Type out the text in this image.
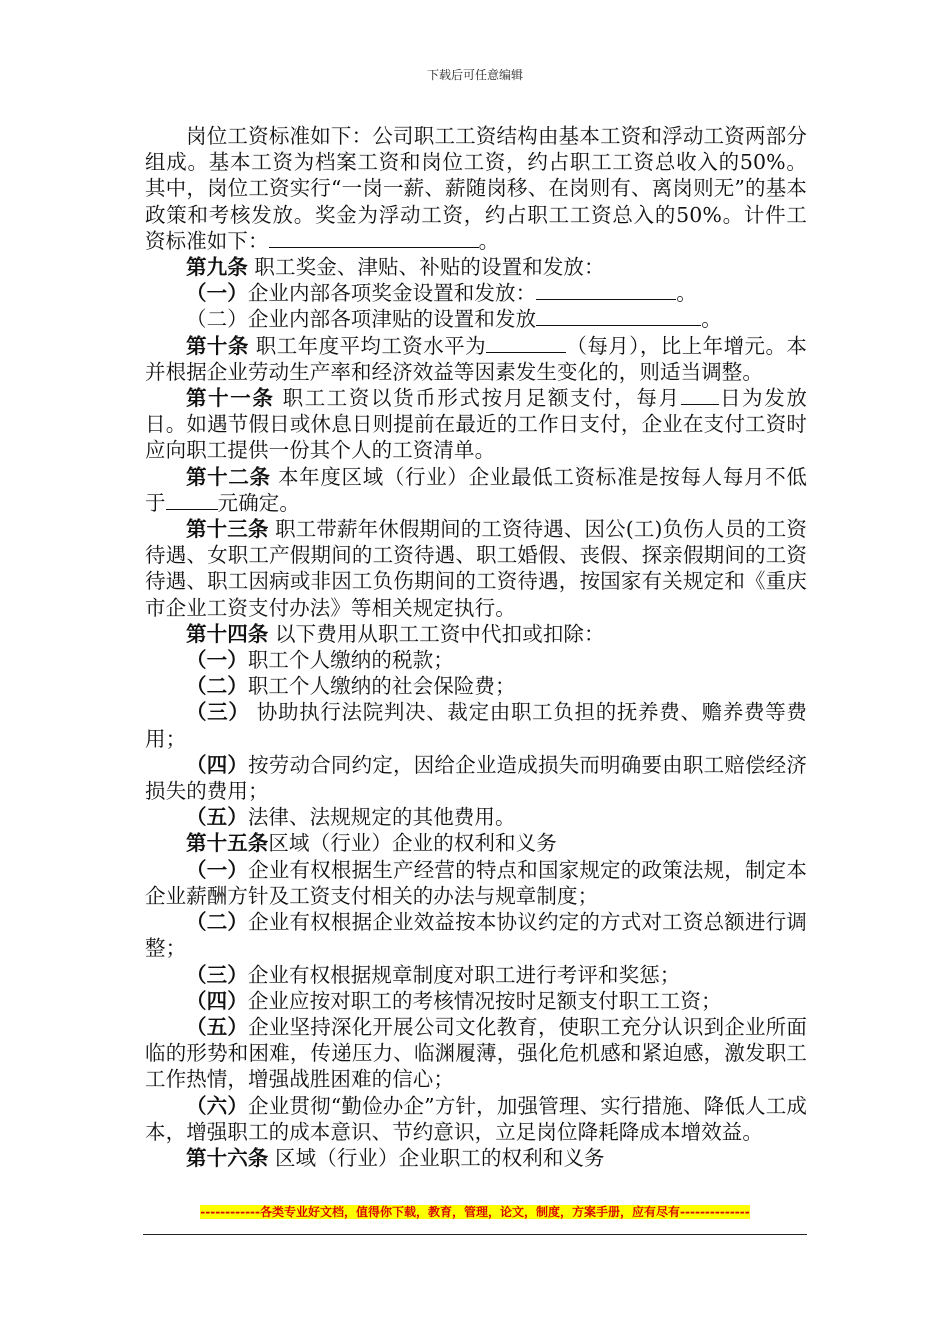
下载后可任意编辑

岗位工资标准如下：公司职工工资结构由基本工资和浮动工资两部分组成。基本工资为档案工资和岗位工资，约占职工工资总收入的50%。其中，岗位工资实行“一岗一薪、薪随岗移、在岗则有、离岗则无”的基本政策和考核发放。奖金为浮动工资，约占职工工资总入的50%。计件工资标准如下：	。

第九条 职工奖金、津贴、补贴的设置和发放：

（一）企业内部各项奖金设置和发放：	。

（二）企业内部各项津贴的设置和发放	。

第十条 职工年度平均工资水平为	（每月），比上年增元。本并根据企业劳动生产率和经济效益等因素发生变化的，则适当调整。

第十一条 职工工资以货币形式按月足额支付，每月 日为发放日。如遇节假日或休息日则提前在最近的工作日支付，企业在支付工资时应向职工提供一份其个人的工资清单。

第十二条 本年度区域（行业）企业最低工资标准是按每人每月不低于	元确定。

第十三条 职工带薪年休假期间的工资待遇、因公(工)负伤人员的工资待遇、女职工产假期间的工资待遇、职工婚假、丧假、探亲假期间的工资待遇、职工因病或非因工负伤期间的工资待遇，按国家有关规定和《重庆市企业工资支付办法》等相关规定执行。

第十四条 以下费用从职工工资中代扣或扣除：

（一）职工个人缴纳的税款；

（二）职工个人缴纳的社会保险费；

（三） 协助执行法院判决、裁定由职工负担的抚养费、赡养费等费用；

（四）按劳动合同约定，因给企业造成损失而明确要由职工赔偿经济损失的费用；

（五）法律、法规规定的其他费用。

第十五条区域（行业）企业的权利和义务

（一）企业有权根据生产经营的特点和国家规定的政策法规，制定本企业薪酬方针及工资支付相关的办法与规章制度；

（二）企业有权根据企业效益按本协议约定的方式对工资总额进行调整；

（三）企业有权根据规章制度对职工进行考评和奖惩；

（四）企业应按对职工的考核情况按时足额支付职工工资；

（五）企业坚持深化开展公司文化教育，使职工充分认识到企业所面临的形势和困难，传递压力、临渊履薄，强化危机感和紧迫感，激发职工工作热情，增强战胜困难的信心；

（六）企业贯彻“勤俭办企”方针，加强管理、实行措施、降低人工成本，增强职工的成本意识、节约意识，立足岗位降耗降成本增效益。

第十六条 区域（行业）企业职工的权利和义务

------------各类专业好文档，值得你下载，教育，管理，论文，制度，方案手册，应有尽有--------------
